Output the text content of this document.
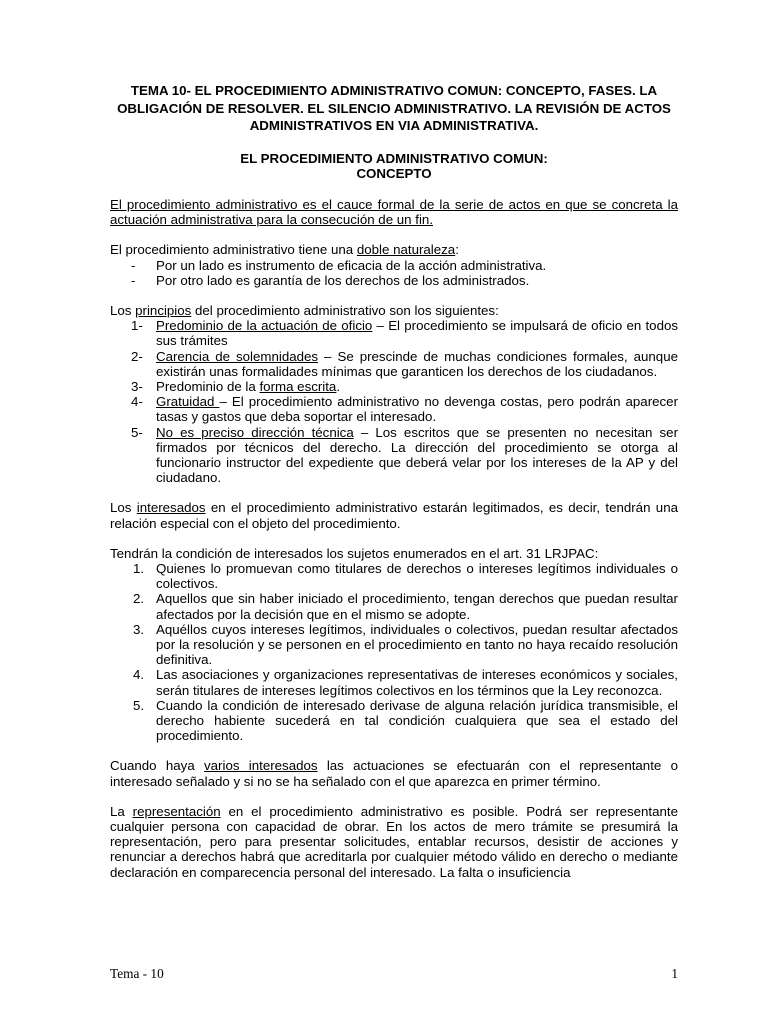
TEMA 10- EL PROCEDIMIENTO ADMINISTRATIVO COMUN: CONCEPTO, FASES. LA OBLIGACIÓN DE RESOLVER. EL SILENCIO ADMINISTRATIVO. LA REVISIÓN DE ACTOS ADMINISTRATIVOS EN VIA ADMINISTRATIVA.

EL PROCEDIMIENTO ADMINISTRATIVO COMUN:
CONCEPTO

El procedimiento administrativo es el cauce formal de la serie de actos en que se concreta la actuación administrativa para la consecución de un fin.

El procedimiento administrativo tiene una doble naturaleza:

- Por un lado es instrumento de eficacia de la acción administrativa.
- Por otro lado es garantía de los derechos de los administrados.

Los principios del procedimiento administrativo son los siguientes:

1- Predominio de la actuación de oficio – El procedimiento se impulsará de oficio en todos sus trámites
2- Carencia de solemnidades – Se prescinde de muchas condiciones formales, aunque existirán unas formalidades mínimas que garanticen los derechos de los ciudadanos.
3- Predominio de la forma escrita.
4- Gratuidad – El procedimiento administrativo no devenga costas, pero podrán aparecer tasas y gastos que deba soportar el interesado.
5- No es preciso dirección técnica – Los escritos que se presenten no necesitan ser firmados por técnicos del derecho. La dirección del procedimiento se otorga al funcionario instructor del expediente que deberá velar por los intereses de la AP y del ciudadano.

Los interesados en el procedimiento administrativo estarán legitimados, es decir, tendrán una relación especial con el objeto del procedimiento.

Tendrán la condición de interesados los sujetos enumerados en el art. 31 LRJPAC:

1. Quienes lo promuevan como titulares de derechos o intereses legítimos individuales o colectivos.
2. Aquellos que sin haber iniciado el procedimiento, tengan derechos que puedan resultar afectados por la decisión que en el mismo se adopte.
3. Aquéllos cuyos intereses legítimos, individuales o colectivos, puedan resultar afectados por la resolución y se personen en el procedimiento en tanto no haya recaído resolución definitiva.
4. Las asociaciones y organizaciones representativas de intereses económicos y sociales, serán titulares de intereses legítimos colectivos en los términos que la Ley reconozca.
5. Cuando la condición de interesado derivase de alguna relación jurídica transmisible, el derecho habiente sucederá en tal condición cualquiera que sea el estado del procedimiento.

Cuando haya varios interesados las actuaciones se efectuarán con el representante o interesado señalado y si no se ha señalado con el que aparezca en primer término.

La representación en el procedimiento administrativo es posible. Podrá ser representante cualquier persona con capacidad de obrar. En los actos de mero trámite se presumirá la representación, pero para presentar solicitudes, entablar recursos, desistir de acciones y renunciar a derechos habrá que acreditarla por cualquier método válido en derecho o mediante declaración en comparecencia personal del interesado. La falta o insuficiencia

Tema - 10	1
